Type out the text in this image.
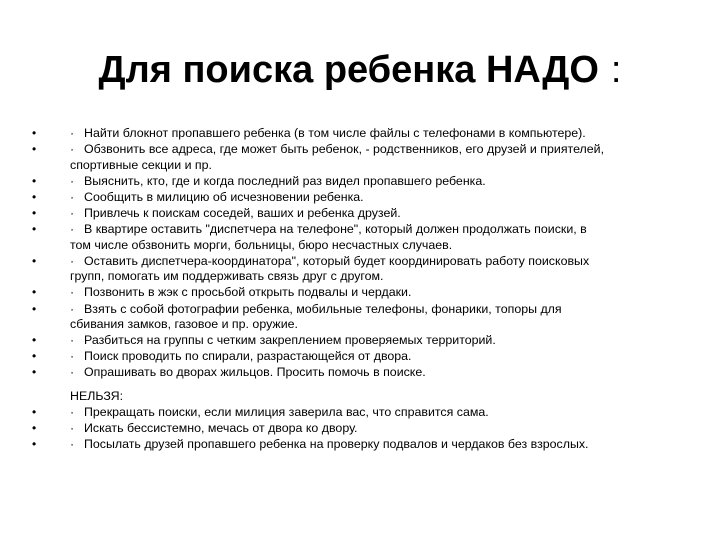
Для поиска ребенка НАДО :
•	· Найти блокнот пропавшего ребенка (в том числе файлы с телефонами в компьютере).
•	· Обзвонить все адреса, где может быть ребенок, - родственников, его друзей и приятелей,
спортивные секции и пр.
•	· Выяснить, кто, где и когда последний раз видел пропавшего ребенка.
•	· Сообщить в милицию об исчезновении ребенка.
•	· Привлечь к поискам соседей, ваших и ребенка друзей.
•	· В квартире оставить "диспетчера на телефоне", который должен продолжать поиски, в
том числе обзвонить морги, больницы, бюро несчастных случаев.
•	· Оставить диспетчера-координатора", который будет координировать работу поисковых
групп, помогать им поддерживать связь друг с другом.
•	· Позвонить в жэк с просьбой открыть подвалы и чердаки.
•	· Взять с собой фотографии ребенка, мобильные телефоны, фонарики, топоры для
сбивания замков, газовое и пр. оружие.
•	· Разбиться на группы с четким закреплением проверяемых территорий.
•	· Поиск проводить по спирали, разрастающейся от двора.
•	· Опрашивать во дворах жильцов. Просить помочь в поиске.
НЕЛЬЗЯ:
•	· Прекращать поиски, если милиция заверила вас, что справится сама.
•	· Искать бессистемно, мечась от двора ко двору.
•	· Посылать друзей пропавшего ребенка на проверку подвалов и чердаков без взрослых.
